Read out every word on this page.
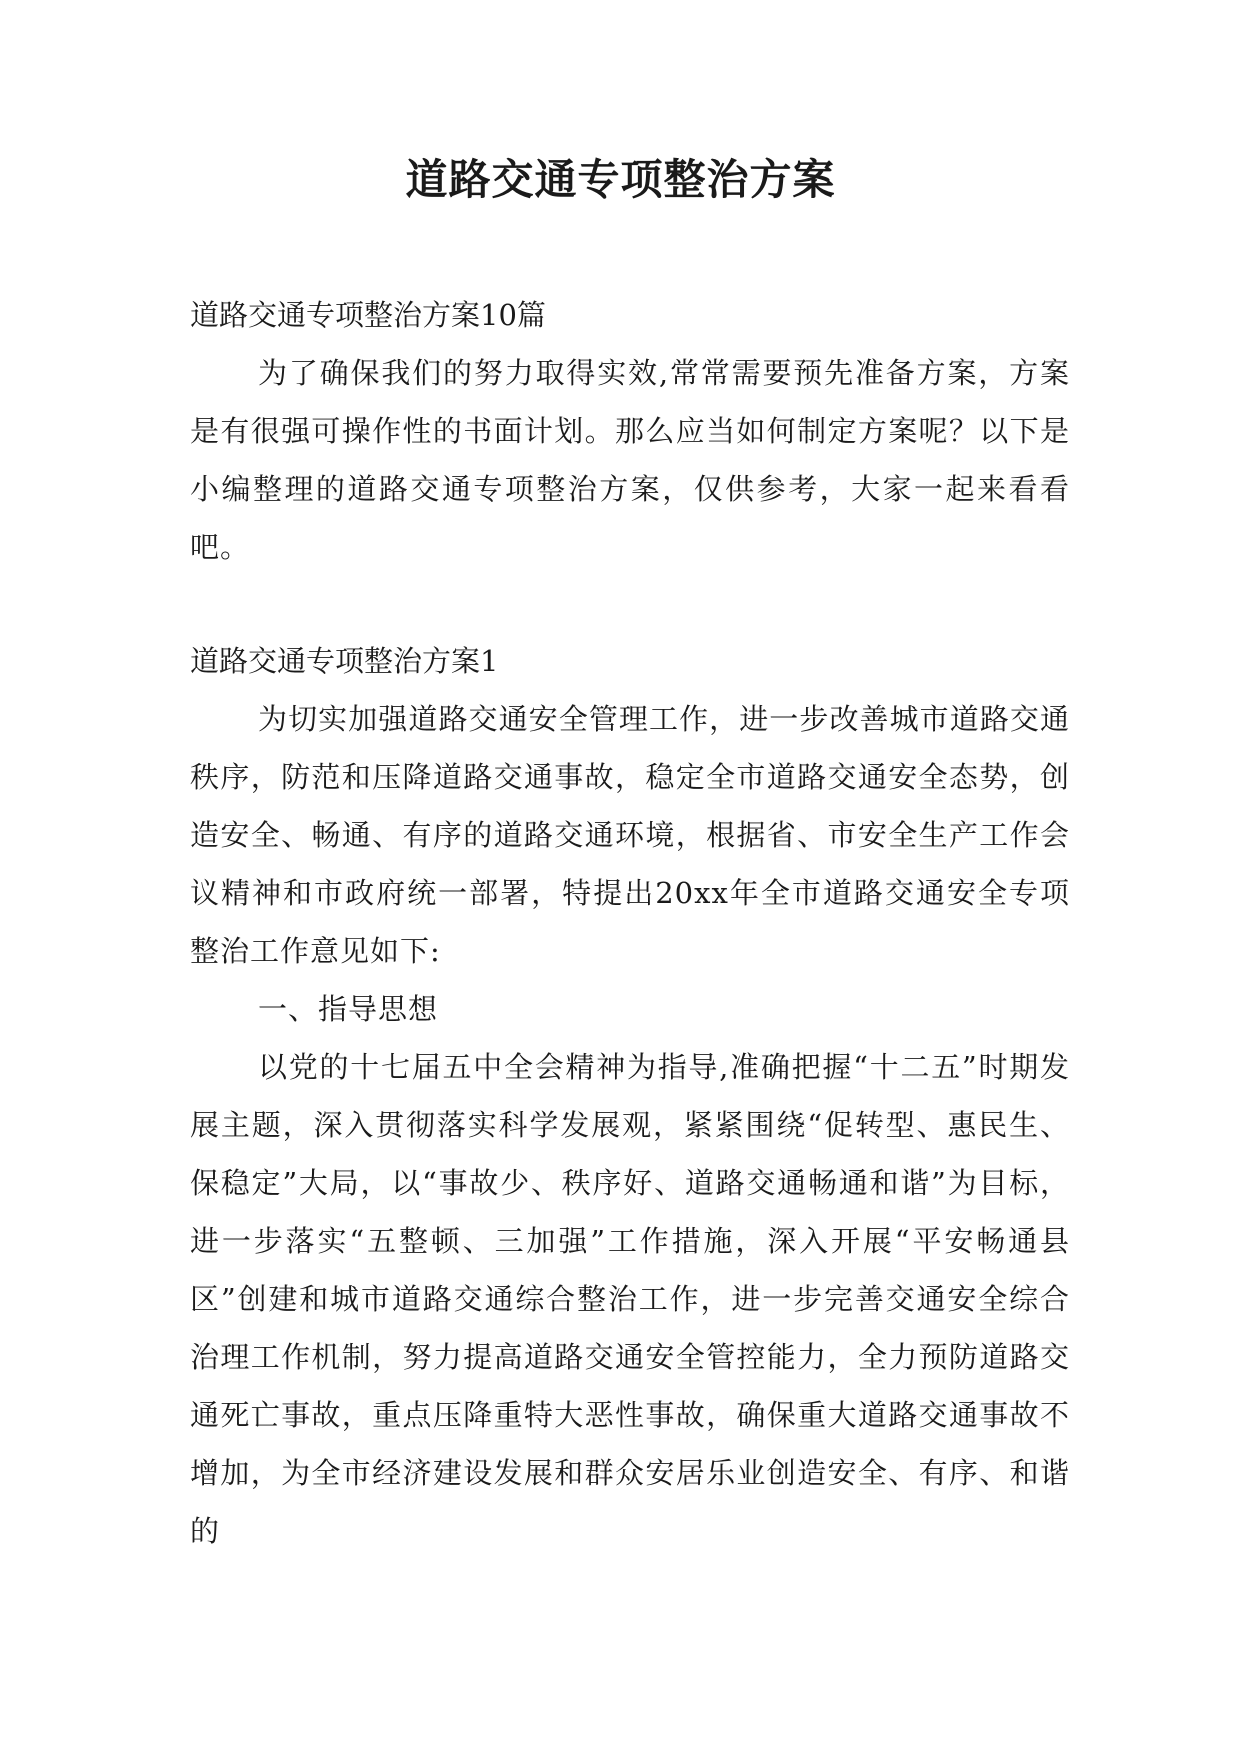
道路交通专项整治方案

道路交通专项整治方案10篇

为了确保我们的努力取得实效,常常需要预先准备方案，方案是有很强可操作性的书面计划。那么应当如何制定方案呢？以下是小编整理的道路交通专项整治方案，仅供参考，大家一起来看看吧。

道路交通专项整治方案1

为切实加强道路交通安全管理工作，进一步改善城市道路交通秩序，防范和压降道路交通事故，稳定全市道路交通安全态势，创造安全、畅通、有序的道路交通环境，根据省、市安全生产工作会议精神和市政府统一部署，特提出20xx年全市道路交通安全专项整治工作意见如下:

一、指导思想

以党的十七届五中全会精神为指导,准确把握“十二五”时期发展主题，深入贯彻落实科学发展观，紧紧围绕“促转型、惠民生、保稳定”大局，以“事故少、秩序好、道路交通畅通和谐”为目标，进一步落实“五整顿、三加强”工作措施，深入开展“平安畅通县区”创建和城市道路交通综合整治工作，进一步完善交通安全综合治理工作机制，努力提高道路交通安全管控能力，全力预防道路交通死亡事故，重点压降重特大恶性事故，确保重大道路交通事故不增加，为全市经济建设发展和群众安居乐业创造安全、有序、和谐的
